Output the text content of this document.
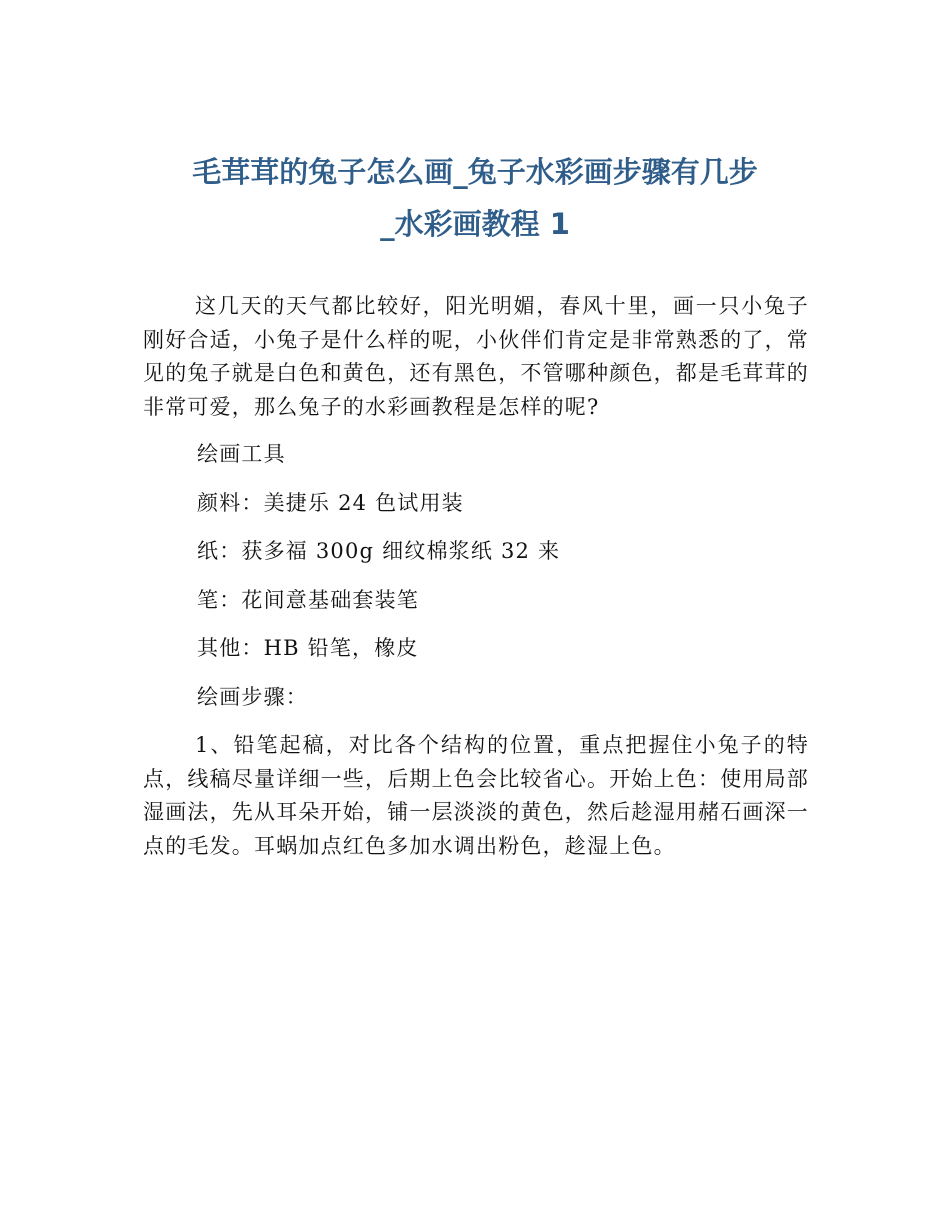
毛茸茸的兔子怎么画_兔子水彩画步骤有几步
_水彩画教程 1

这几天的天气都比较好，阳光明媚，春风十里，画一只小兔子刚好合适，小兔子是什么样的呢，小伙伴们肯定是非常熟悉的了，常见的兔子就是白色和黄色，还有黑色，不管哪种颜色，都是毛茸茸的非常可爱，那么兔子的水彩画教程是怎样的呢?

绘画工具

颜料：美捷乐 24 色试用装

纸：获多福 300g 细纹棉浆纸 32 来

笔：花间意基础套装笔

其他：HB 铅笔，橡皮

绘画步骤：

1、铅笔起稿，对比各个结构的位置，重点把握住小兔子的特点，线稿尽量详细一些，后期上色会比较省心。开始上色：使用局部湿画法，先从耳朵开始，铺一层淡淡的黄色，然后趁湿用赭石画深一点的毛发。耳蜗加点红色多加水调出粉色，趁湿上色。
